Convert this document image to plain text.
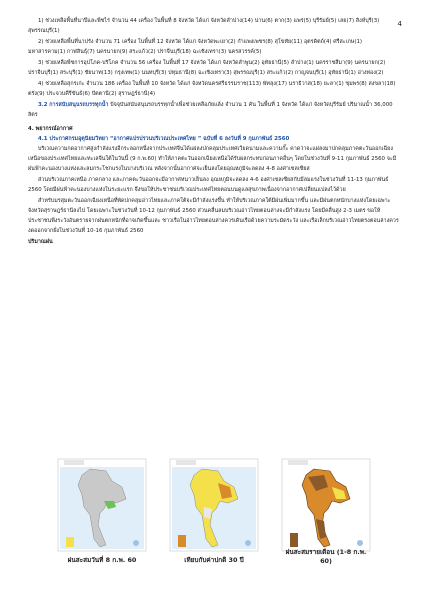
4

1) ช่วงเหลือพื้นที่นาปีและพืชไร่ จำนวน 44 เครื่อง ในพื้นที่ 8 จังหวัด ได้แก่ จังหวัดลำปาง(14) น่าน(6) ตาก(3) แพร่(5) บุรีรัมย์(5) เลย(7) สิงห์บุรี(3) สุพรรณบุรี(1)

2) ช่วยเหลือพื้นที่นาปรัง จำนวน 71 เครื่อง ในพื้นที่ 12 จังหวัด ได้แก่ จังหวัดพะเยา(2) กำแพงเพชร(8) สุโขทัย(11) อุตรดิตถ์(4) ศรีสะเกษ(1) มหาสารคาม(1) กาฬสินธุ์(7) นครนายก(9) สระแก้ว(2) ปราจีนบุรี(18) ฉะเชิงเทรา(3) นครสวรรค์(5)

3) ช่วยเหลือพืชการอุปโภค-บริโภค จำนวน 56 เครื่อง ในพื้นที่ 17 จังหวัด ได้แก่ จังหวัดลำพูน(2) อุทัยธานี(5) ลำปาง(1) นครราชสีมา(9) นครนายก(2) ปราจีนบุรี(1) สระบุรี(1) ชัยนาท(13) กรุงเทพ(1) นนทบุรี(3) ปทุมธานี(8) ฉะเชิงเทรา(3) สุพรรณบุรี(1) สระแก้ว(2) กาญจนบุรี(1) อุทัยธานี(1) อ่างทอง(2)

4) ช่วยเหลือสุกรเก่ะ จำนวน 186 เครื่อง ในพื้นที่ 10 จังหวัด ได้แก่ จังหวัดนครศรีธรรมราช(113) พัทลุง(17) นราธิวาส(18) ยะลา(1) ชุมพร(8) สงขลา(18) ตรัง(9) ประจวบคีรีขันธ์(6) ปัตตานี(2) สุราษฎร์ธานี(4)

3.2 การสนับสนุนรถบรรทุกน้ำ ปัจจุบันสนับสนุนรถบรรทุกน้ำเพื่อช่วยเหลือภัยแล้ง จำนวน 1 คัน ในพื้นที่ 1 จังหวัด ได้แก่ จังหวัดบุรีรัมย์ ปริมาณน้ำ 36,000 ลิตร

4. พยากรณ์อากาศ

4.1 ประกาศกรมอุตุนิยมวิทยา “อากาศแปรปรวนบริเวณประเทศไทย ” ฉบับที่ 6 ลงวันที่ 9 กุมภาพันธ์ 2560

บริเวณความกดอากาศสูงกำลังแรงอีกระลอกหนึ่งจากประเทศจีนได้แผ่ลงปกคลุมประเทศเวียดนามและความกั๊ะ คาดว่าจะแผ่ลงมาปกคลุมภาคตะวันออกเฉียงเหนือของประเทศไทยและทะเลจีนใต้ในวันนี้ (9 ก.พ.60) ทำให้ภาคตะวันออกเฉียงเหนือได้รับผลกระทบก่อนภาคอื่นๆ โดยในช่วงวันที่ 9-11 กุมภาพันธ์ 2560 จะมีฝนฟ้าคะนองบางแห่งและลมกระโชกแรงในบางบริเวณ หลังจากนั้นอากาศจะเย็นลงโดยอุณหภูมิจะลดลง 4-8 องศาเซลเซียส

ส่วนบริเวณภาคเหนือ ภาคกลาง และภาคตะวันออกจะมีอากาศหนาวเย็นลง อุณหภูมิจะลดลง 4-6 องศาเซลเซียสกับมีลมแรงในช่วงวันที่ 11-13 กุมภาพันธ์ 2560 โดยมีฝนฟ้าคะนองบางแห่งในระยะแรก จึงขอให้ประชาชนบริเวณประเทศไทยตอนบนดูแลสุขภาพเนื่องจากอากาศเปลี่ยนแปลงไว้ด้วย

สำหรับมรสุมตะวันออกเฉียงเหนือที่พัดปกคลุมอ่าวไทยและภาคใต้จะมีกำลังแรงขึ้น ทำให้บริเวณภาคใต้มีฝนเพิ่มมากขึ้น และมีฝนตกหนักบางแห่งโดยเฉพาะจังหวัดสุราษฎร์ธานีลงไป โดยเฉพาะในช่วงวันที่ 10-12 กุมภาพันธ์ 2560 ส่วนคลื่นลมบริเวณอ่าวไทยตอนล่างจะมีกำลังแรง โดยมีคลื่นสูง 2-3 เมตร ขอให้ประชาชนพึงระวังอันตรายจากฝนตกหนักที่อาจเกิดขึ้นและ ชาวเรือในอ่าวไทยตอนล่างควรเดินเรือด้วยความระมัดระวัง และเรือเล็กบริเวณอ่าวไทยตรงตอนล่างควรงดออกจากฝั่งในช่วงวันที่ 10-16 กุมภาพันธ์ 2560

ปริมาณฝน

ฝนสะสมวันที่ 8 ก.พ. 60	เทียบกับค่าปกติ 30 ปี
ฝนสะสมรายเดือน (1-8 ก.พ. 60)
